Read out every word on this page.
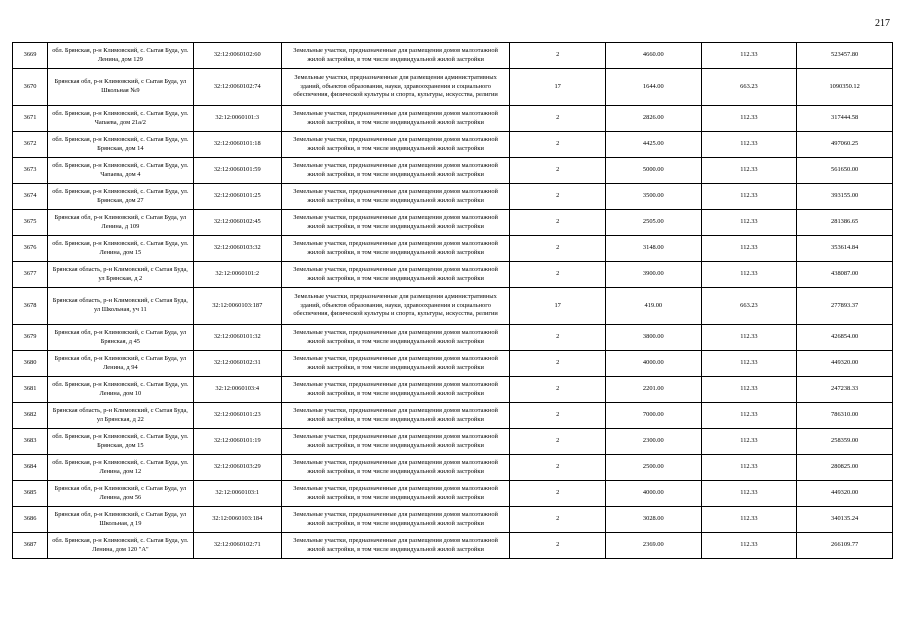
217
3669	обл. Брянская, р-н Климовский, с. Сытая Буда, ул. Ленина, дом 129	32:12:0060102:60	Земельные участки, предназначенные для размещения домов малоэтажной жилой застройки, в том числе индивидуальной жилой застройки	2	4660.00	112.33	523457.80
3670	Брянская обл, р-н Климовский, с Сытая Буда, ул Школьная №9	32:12:0060102:74	Земельные участки, предназначенные для размещения административных зданий, объектов образования, науки, здравоохранения и социального обеспечения, физической культуры и спорта, культуры, искусства, религии	17	1644.00	663.23	1090350.12
3671	обл. Брянская, р-н Климовский, с. Сытая Буда, ул. Чапаева, дом 21а/2	32:12:0060101:3	Земельные участки, предназначенные для размещения домов малоэтажной жилой застройки, в том числе индивидуальной жилой застройки	2	2826.00	112.33	317444.58
3672	обл. Брянская, р-н Климовский, с. Сытая Буда, ул. Брянская, дом 14	32:12:0060101:18	Земельные участки, предназначенные для размещения домов малоэтажной жилой застройки, в том числе индивидуальной жилой застройки	2	4425.00	112.33	497060.25
3673	обл. Брянская, р-н Климовский, с. Сытая Буда, ул. Чапаева, дом 4	32:12:0060101:59	Земельные участки, предназначенные для размещения домов малоэтажной жилой застройки, в том числе индивидуальной жилой застройки	2	5000.00	112.33	561650.00
3674	обл. Брянская, р-н Климовский, с. Сытая Буда, ул. Брянская, дом 27	32:12:0060101:25	Земельные участки, предназначенные для размещения домов малоэтажной жилой застройки, в том числе индивидуальной жилой застройки	2	3500.00	112.33	393155.00
3675	Брянская обл, р-н Климовский, с Сытая Буда, ул Ленина, д 109	32:12:0060102:45	Земельные участки, предназначенные для размещения домов малоэтажной жилой застройки, в том числе индивидуальной жилой застройки	2	2505.00	112.33	281386.65
3676	обл. Брянская, р-н Климовский, с. Сытая Буда, ул. Ленина, дом 15	32:12:0060103:32	Земельные участки, предназначенные для размещения домов малоэтажной жилой застройки, в том числе индивидуальной жилой застройки	2	3148.00	112.33	353614.84
3677	Брянская область, р-н Климовский, с Сытая Буда, ул Брянская, д 2	32:12:0060101:2	Земельные участки, предназначенные для размещения домов малоэтажной жилой застройки, в том числе индивидуальной жилой застройки	2	3900.00	112.33	438087.00
3678	Брянская область, р-н Климовский, с Сытая Буда, ул Школьная, уч 11	32:12:0060103:187	Земельные участки, предназначенные для размещения административных зданий, объектов образования, науки, здравоохранения и социального обеспечения, физической культуры и спорта, культуры, искусства, религии	17	419.00	663.23	277893.37
3679	Брянская обл, р-н Климовский, с Сытая Буда, ул Брянская, д 45	32:12:0060101:32	Земельные участки, предназначенные для размещения домов малоэтажной жилой застройки, в том числе индивидуальной жилой застройки	2	3800.00	112.33	426854.00
3680	Брянская обл, р-н Климовский, с Сытая Буда, ул Ленина, д 94	32:12:0060102:31	Земельные участки, предназначенные для размещения домов малоэтажной жилой застройки, в том числе индивидуальной жилой застройки	2	4000.00	112.33	449320.00
3681	обл. Брянская, р-н Климовский, с. Сытая Буда, ул. Ленина, дом 10	32:12:0060103:4	Земельные участки, предназначенные для размещения домов малоэтажной жилой застройки, в том числе индивидуальной жилой застройки	2	2201.00	112.33	247238.33
3682	Брянская область, р-н Климовский, с Сытая Буда, ул Брянская, д 22	32:12:0060101:23	Земельные участки, предназначенные для размещения домов малоэтажной жилой застройки, в том числе индивидуальной жилой застройки	2	7000.00	112.33	786310.00
3683	обл. Брянская, р-н Климовский, с. Сытая Буда, ул. Брянская, дом 15	32:12:0060101:19	Земельные участки, предназначенные для размещения домов малоэтажной жилой застройки, в том числе индивидуальной жилой застройки	2	2300.00	112.33	258359.00
3684	обл. Брянская, р-н Климовский, с. Сытая Буда, ул. Ленина, дом 12	32:12:0060103:29	Земельные участки, предназначенные для размещения домов малоэтажной жилой застройки, в том числе индивидуальной жилой застройки	2	2500.00	112.33	280825.00
3685	Брянская обл, р-н Климовский, с Сытая Буда, ул Ленина, дом 56	32:12:0060103:1	Земельные участки, предназначенные для размещения домов малоэтажной жилой застройки, в том числе индивидуальной жилой застройки	2	4000.00	112.33	449320.00
3686	Брянская обл, р-н Климовский, с Сытая Буда, ул Школьная, д 19	32:12:0060103:184	Земельные участки, предназначенные для размещения домов малоэтажной жилой застройки, в том числе индивидуальной жилой застройки	2	3028.00	112.33	340135.24
3687	обл. Брянская, р-н Климовский, с. Сытая Буда, ул. Ленина, дом 120 "А"	32:12:0060102:71	Земельные участки, предназначенные для размещения домов малоэтажной жилой застройки, в том числе индивидуальной жилой застройки	2	2369.00	112.33	266109.77
